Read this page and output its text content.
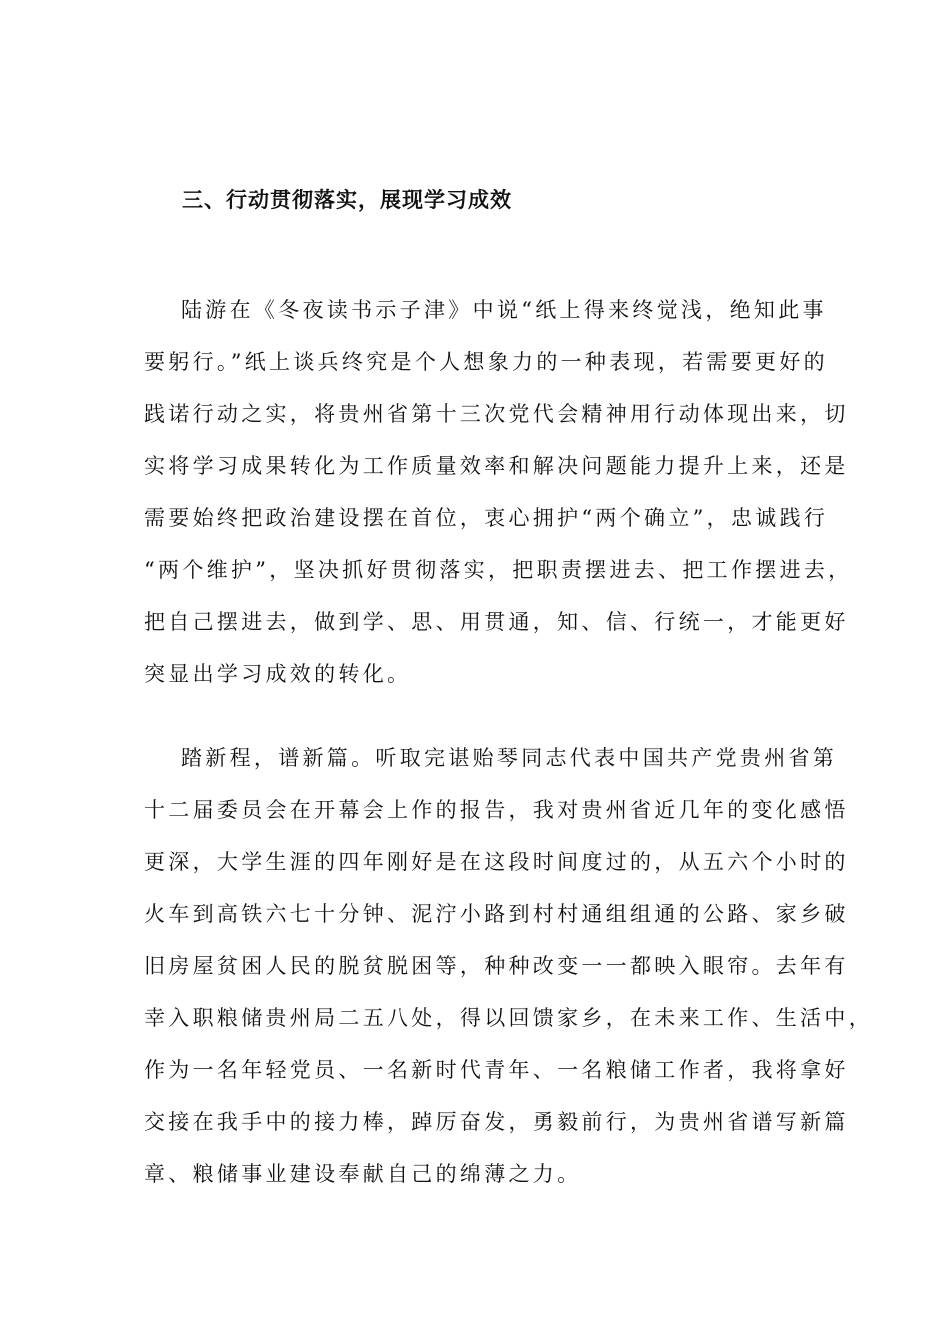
三、行动贯彻落实，展现学习成效
陆游在《冬夜读书示子津》中说“纸上得来终觉浅，绝知此事
要躬行。”纸上谈兵终究是个人想象力的一种表现，若需要更好的
践诺行动之实，将贵州省第十三次党代会精神用行动体现出来，切
实将学习成果转化为工作质量效率和解决问题能力提升上来，还是
需要始终把政治建设摆在首位，衷心拥护“两个确立”，忠诚践行
“两个维护”，坚决抓好贯彻落实，把职责摆进去、把工作摆进去，
把自己摆进去，做到学、思、用贯通，知、信、行统一，才能更好
突显出学习成效的转化。
踏新程，谱新篇。听取完谌贻琴同志代表中国共产党贵州省第
十二届委员会在开幕会上作的报告，我对贵州省近几年的变化感悟
更深，大学生涯的四年刚好是在这段时间度过的，从五六个小时的
火车到高铁六七十分钟、泥泞小路到村村通组组通的公路、家乡破
旧房屋贫困人民的脱贫脱困等，种种改变一一都映入眼帘。去年有
幸入职粮储贵州局二五八处，得以回馈家乡，在未来工作、生活中，
作为一名年轻党员、一名新时代青年、一名粮储工作者，我将拿好
交接在我手中的接力棒，踔厉奋发，勇毅前行，为贵州省谱写新篇
章、粮储事业建设奉献自己的绵薄之力。
